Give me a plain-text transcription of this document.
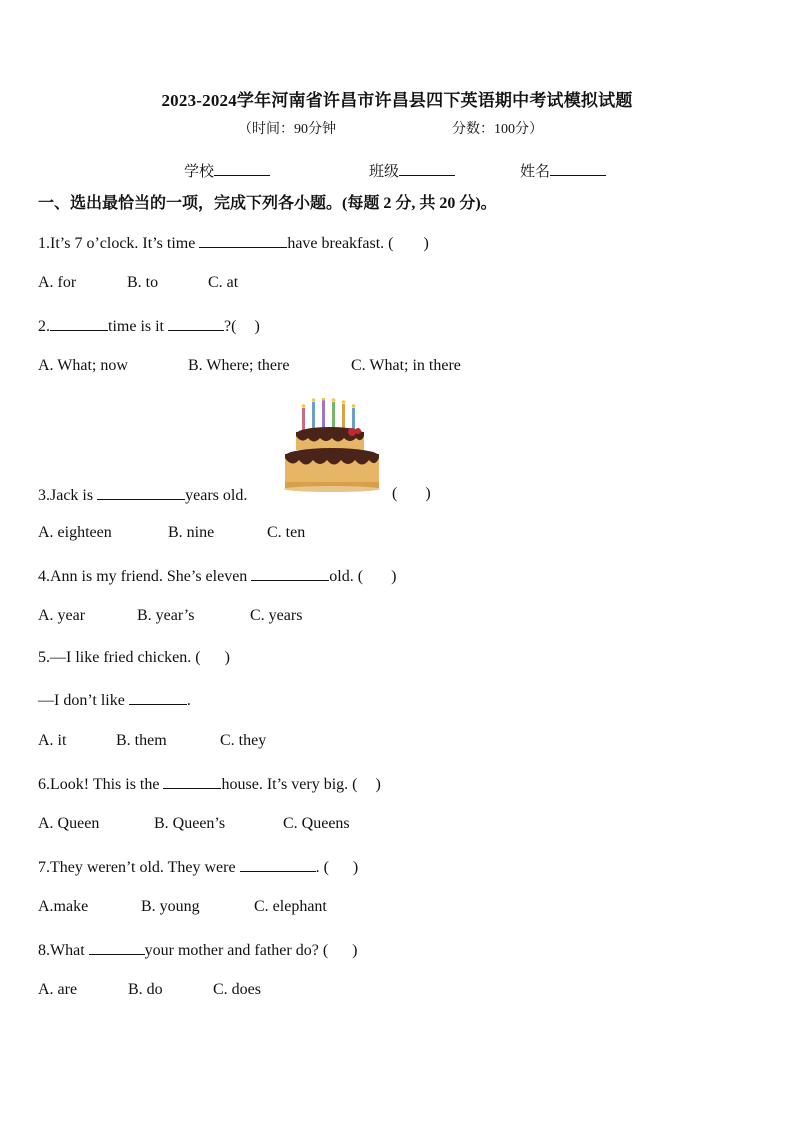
2023-2024学年河南省许昌市许昌县四下英语期中考试模拟试题
（时间：90分钟	分数：100分）
学校	班级	姓名
一、选出最恰当的一项，完成下列各小题。(每题 2 分, 共 20 分)。
1.It’s 7 o’clock. It’s time	have breakfast. ( )
A. for	B. to	C. at
2.	time is it	?( )
A. What; now	B. Where; there	C. What; in there
3.Jack is	years old.	( )
A. eighteen	B. nine	C. ten
4.Ann is my friend. She’s eleven	old. ( )
A. year	B. year’s	C. years
5.—I like fried chicken. ( )
—I don’t like	.
A. it	B. them	C. they
6.Look! This is the	house. It’s very big. ( )
A. Queen	B. Queen’s	C. Queens
7.They weren’t old. They were	. ( )
A.make	B. young	C. elephant
8.What	your mother and father do? ( )
A. are	B. do	C. does
